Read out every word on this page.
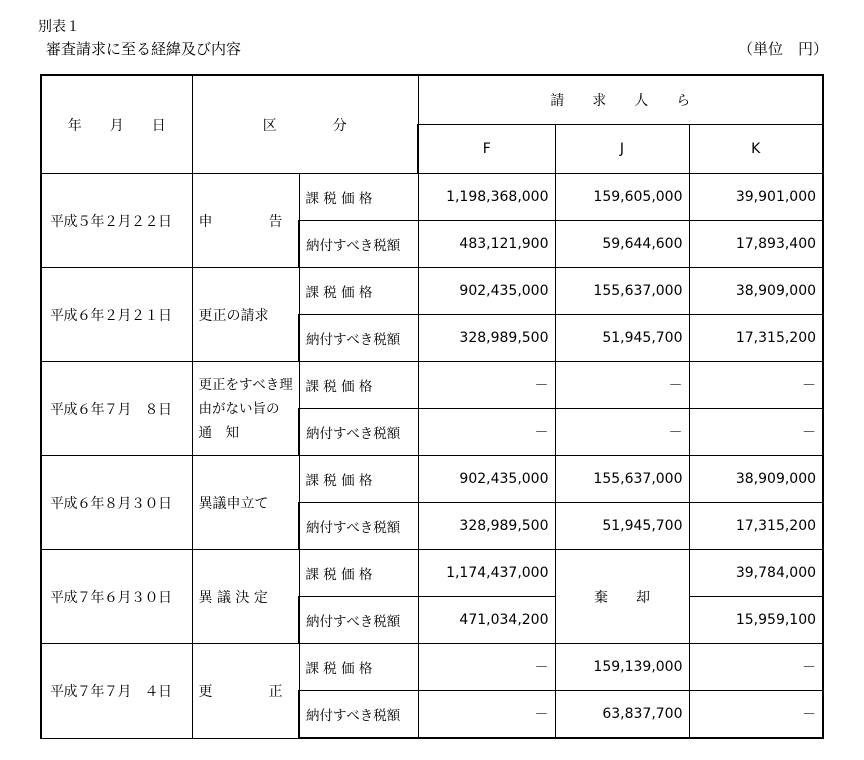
別表１
審査請求に至る経緯及び内容	（単位　円）
年　　月　　日	区　　　　分		請　　求　　人　　ら		
			F	J	K
平成５年２月２２日	申　　　　告	課 税 価 格	1,198,368,000	159,605,000	39,901,000
		納付すべき税額	483,121,900	59,644,600	17,893,400
平成６年２月２１日	更正の請求	課 税 価 格	902,435,000	155,637,000	38,909,000
		納付すべき税額	328,989,500	51,945,700	17,315,200
平成６年７月　８日	更正をすべき理由がない旨の　通　知	課 税 価 格	－	－	－
		納付すべき税額	－	－	－
平成６年８月３０日	異議申立て	課 税 価 格	902,435,000	155,637,000	38,909,000
		納付すべき税額	328,989,500	51,945,700	17,315,200
平成７年６月３０日	異 議 決 定	課 税 価 格	1,174,437,000	棄　　却	39,784,000
		納付すべき税額	471,034,200		15,959,100
平成７年７月　４日	更　　　　正	課 税 価 格	－	159,139,000	－
		納付すべき税額	－	63,837,700	－
